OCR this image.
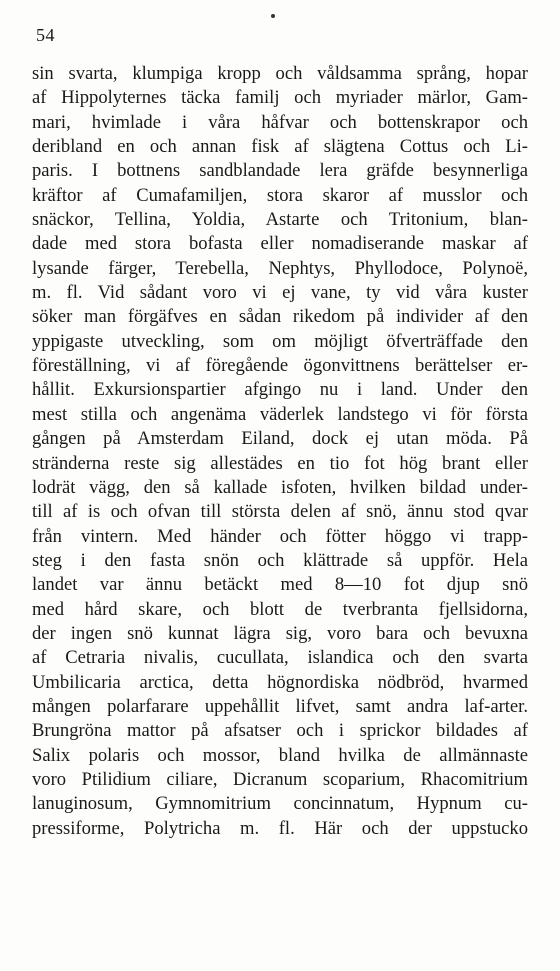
54
sin svarta, klumpiga kropp och våldsamma språng, hopar
af Hippolyternes täcka familj och myriader märlor, Gam-
mari, hvimlade i våra håfvar och bottenskrapor och
deribland en och annan fisk af slägtena Cottus och Li-
paris. I bottnens sandblandade lera gräfde besynnerliga
kräftor af Cumafamiljen, stora skaror af musslor och
snäckor, Tellina, Yoldia, Astarte och Tritonium, blan-
dade med stora bofasta eller nomadiserande maskar af
lysande färger, Terebella, Nephtys, Phyllodoce, Polynoë,
m. fl. Vid sådant voro vi ej vane, ty vid våra kuster
söker man förgäfves en sådan rikedom på individer af den
yppigaste utveckling, som om möjligt öfverträffade den
föreställning, vi af föregående ögonvittnens berättelser er-
hållit. Exkursionspartier afgingo nu i land. Under den
mest stilla och angenäma väderlek landstego vi för första
gången på Amsterdam Eiland, dock ej utan möda. På
stränderna reste sig allestädes en tio fot hög brant eller
lodrät vägg, den så kallade isfoten, hvilken bildad under-
till af is och ofvan till största delen af snö, ännu stod qvar
från vintern. Med händer och fötter höggo vi trapp-
steg i den fasta snön och klättrade så uppför. Hela
landet var ännu betäckt med 8—10 fot djup snö
med hård skare, och blott de tverbranta fjellsidorna,
der ingen snö kunnat lägra sig, voro bara och bevuxna
af Cetraria nivalis, cucullata, islandica och den svarta
Umbilicaria arctica, detta högnordiska nödbröd, hvarmed
mången polarfarare uppehållit lifvet, samt andra laf-arter.
Brungröna mattor på afsatser och i sprickor bildades af
Salix polaris och mossor, bland hvilka de allmännaste
voro Ptilidium ciliare, Dicranum scoparium, Rhacomitrium
lanuginosum, Gymnomitrium concinnatum, Hypnum cu-
pressiforme, Polytricha m. fl. Här och der uppstucko
